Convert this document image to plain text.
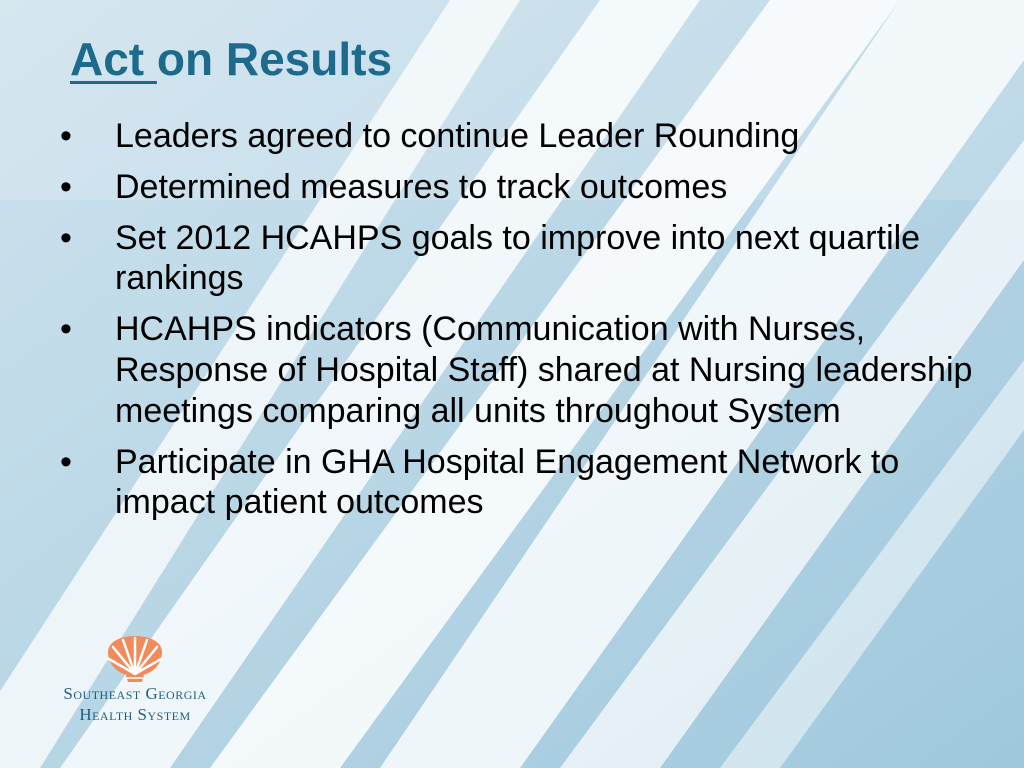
Act on Results
• Leaders agreed to continue Leader Rounding
• Determined measures to track outcomes
• Set 2012 HCAHPS goals to improve into next quartile rankings
• HCAHPS indicators (Communication with Nurses, Response of Hospital Staff) shared at Nursing leadership meetings comparing all units throughout System
• Participate in GHA Hospital Engagement Network to impact patient outcomes
Southeast Georgia
Health System
